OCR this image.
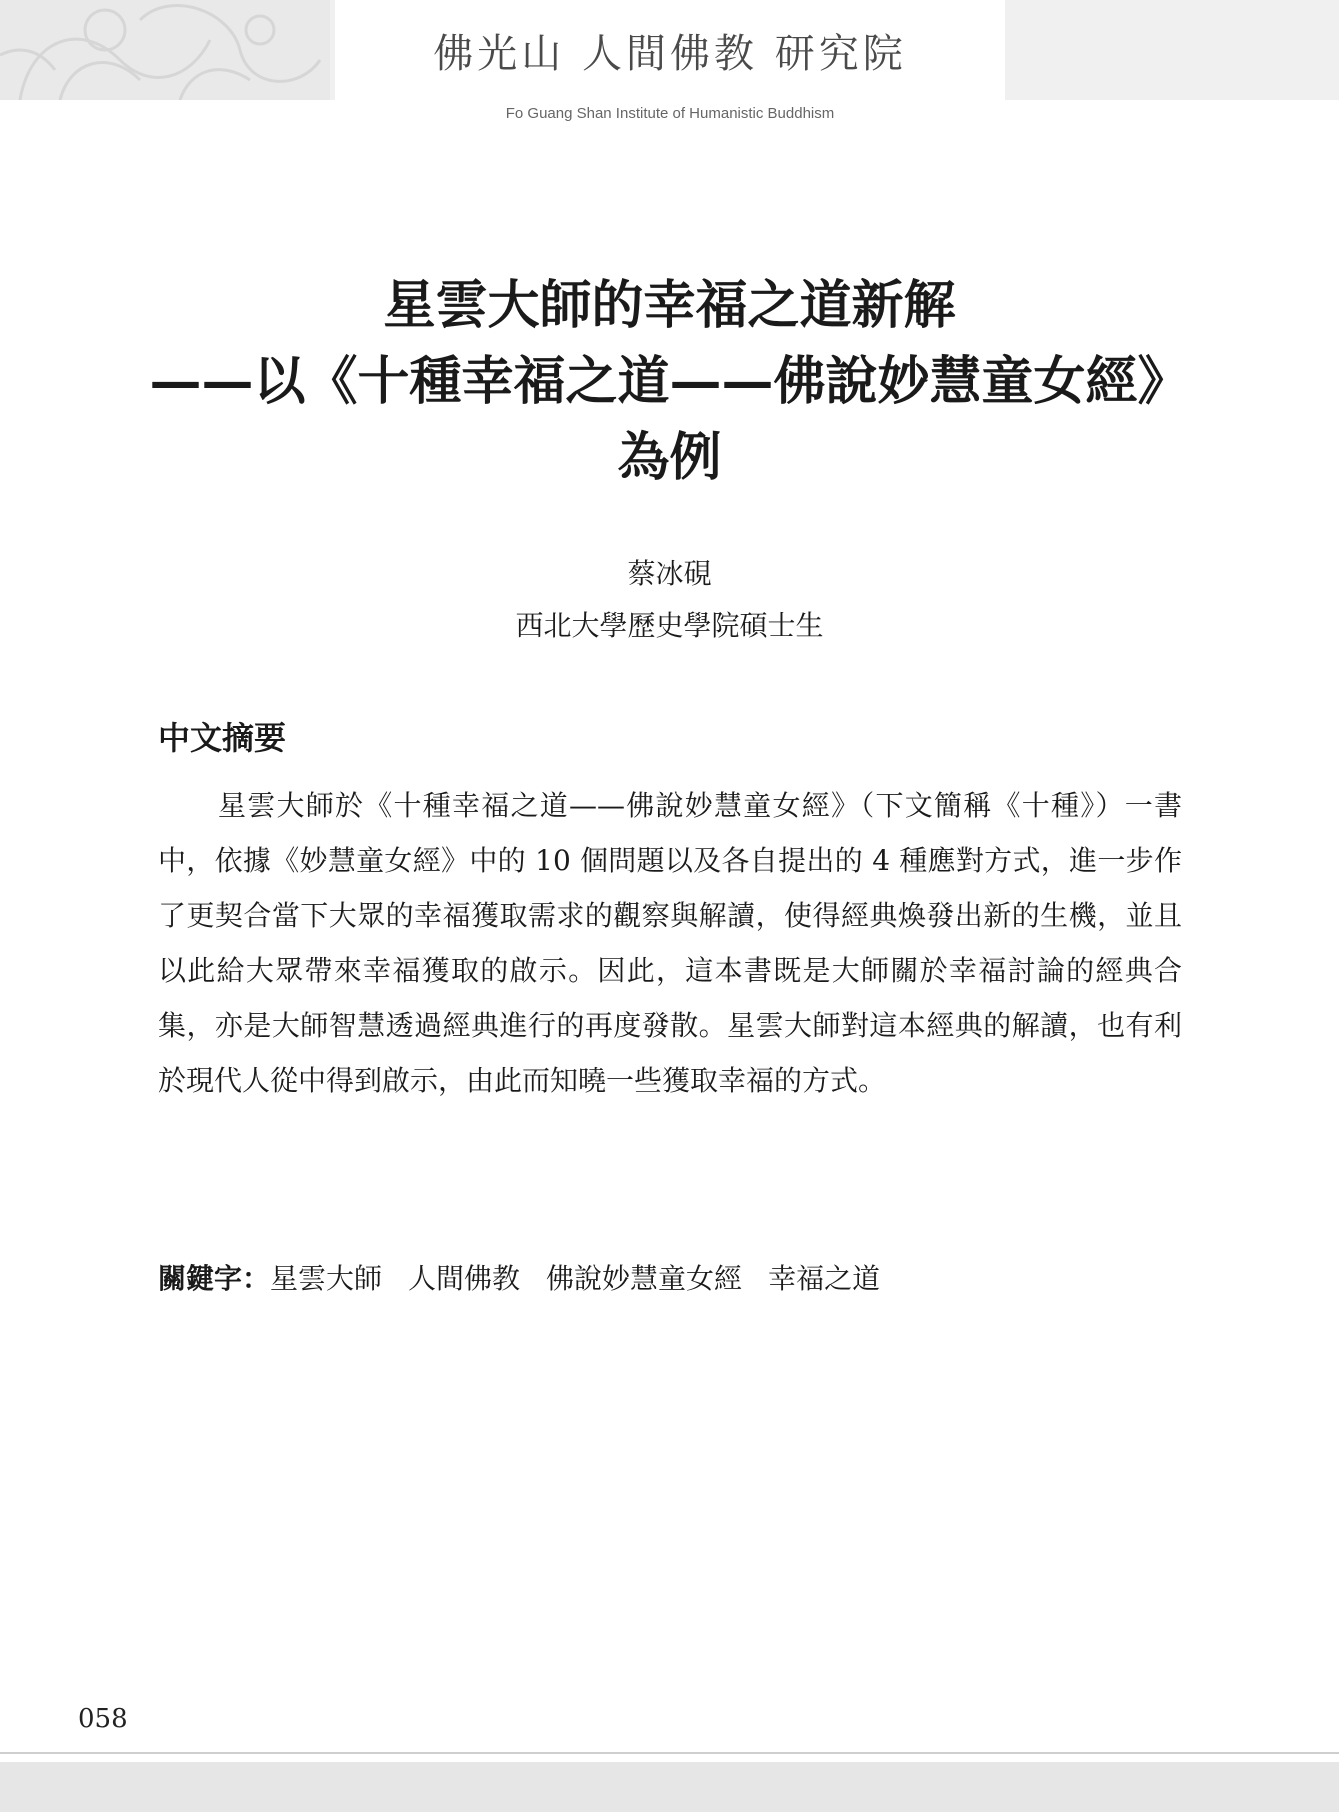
佛光山 人間佛教 研究院
Fo Guang Shan Institute of Humanistic Buddhism
星雲大師的幸福之道新解
——以《十種幸福之道——佛說妙慧童女經》
為例
蔡冰硯
西北大學歷史學院碩士生
中文摘要

星雲大師於《十種幸福之道——佛說妙慧童女經》（下文簡稱《十種》）一書中，依據《妙慧童女經》中的 10 個問題以及各自提出的 4 種應對方式，進一步作了更契合當下大眾的幸福獲取需求的觀察與解讀，使得經典煥發出新的生機，並且以此給大眾帶來幸福獲取的啟示。因此，這本書既是大師關於幸福討論的經典合集，亦是大師智慧透過經典進行的再度發散。星雲大師對這本經典的解讀，也有利於現代人從中得到啟示，由此而知曉一些獲取幸福的方式。

關鍵字：星雲大師 人間佛教 佛說妙慧童女經 幸福之道
058
